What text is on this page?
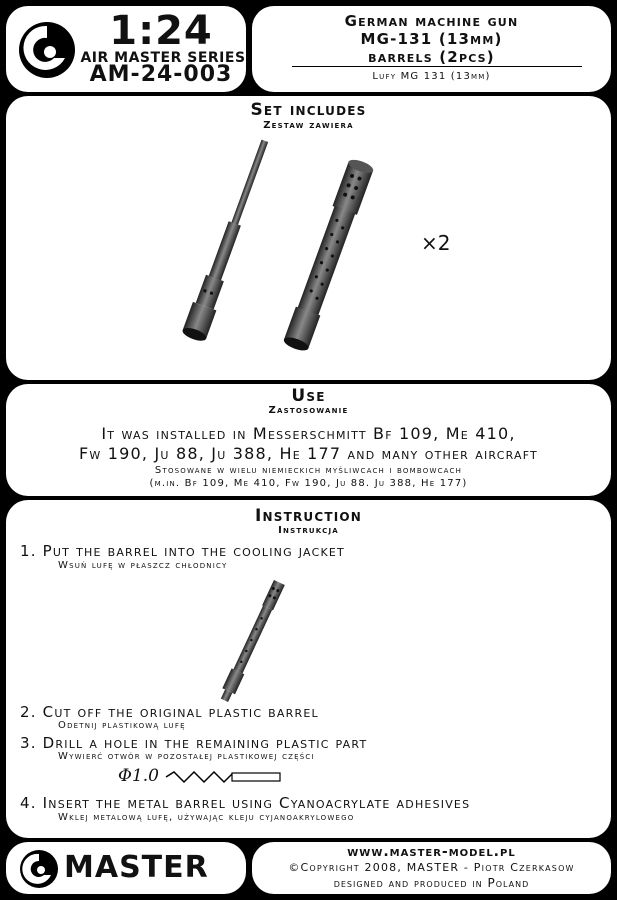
1:24
AIR MASTER SERIES
AM-24-003
German machine gun
MG-131 (13mm)
barrels (2pcs)
Lufy MG 131 (13mm)
Set includes
Zestaw zawiera
×2
Use
Zastosowanie
It was installed in Messerschmitt Bf 109, Me 410,
Fw 190, Ju 88, Ju 388, He 177 and many other aircraft
Stosowane w wielu niemieckich myśliwcach i bombowcach
(m.in. Bf 109, Me 410, Fw 190, Ju 88. Ju 388, He 177)
Instruction
Instrukcja
1. Put the barrel into the cooling jacket
Wsuń lufę w płaszcz chłodnicy
2. Cut off the original plastic barrel
Odetnij plastikową lufę
3. Drill a hole in the remaining plastic part
Wywierć otwór w pozostałej plastikowej części
Φ1.0
4. Insert the metal barrel using Cyanoacrylate adhesives
Wklej metalową lufę, używając kleju cyjanoakrylowego
MASTER	www.master-model.pl
©Copyright 2008, MASTER - Piotr Czerkasow
designed and produced in Poland
